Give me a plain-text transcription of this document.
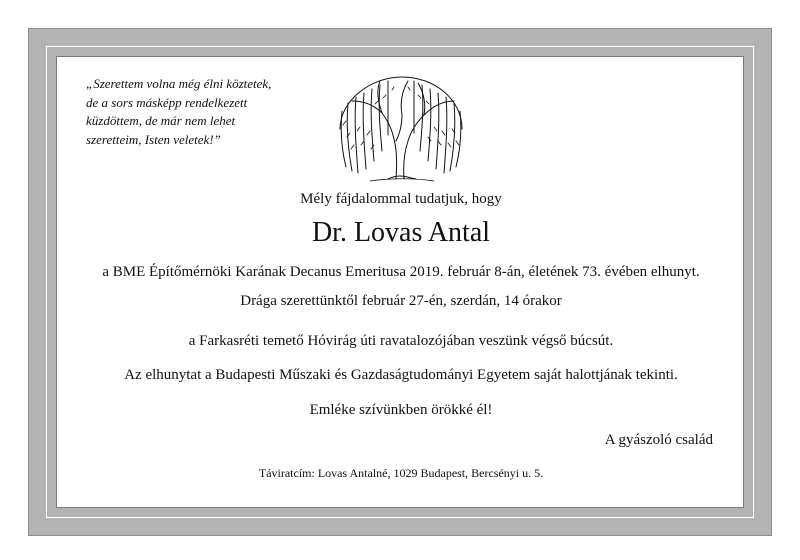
„Szerettem volna még élni köztetek,
de a sors másképp rendelkezett
küzdöttem, de már nem lehet
szeretteim, Isten veletek!”

Mély fájdalommal tudatjuk, hogy

Dr. Lovas Antal

a BME Építőmérnöki Karának Decanus Emeritusa 2019. február 8-án, életének 73. évében elhunyt.

Drága szerettünktől február 27-én, szerdán, 14 órakor

a Farkasréti temető Hóvirág úti ravatalozójában veszünk végső búcsút.

Az elhunytat a Budapesti Műszaki és Gazdaságtudományi Egyetem saját halottjának tekinti.

Emléke szívünkben örökké él!

A gyászoló család

Táviratcím: Lovas Antalné, 1029 Budapest, Bercsényi u. 5.
